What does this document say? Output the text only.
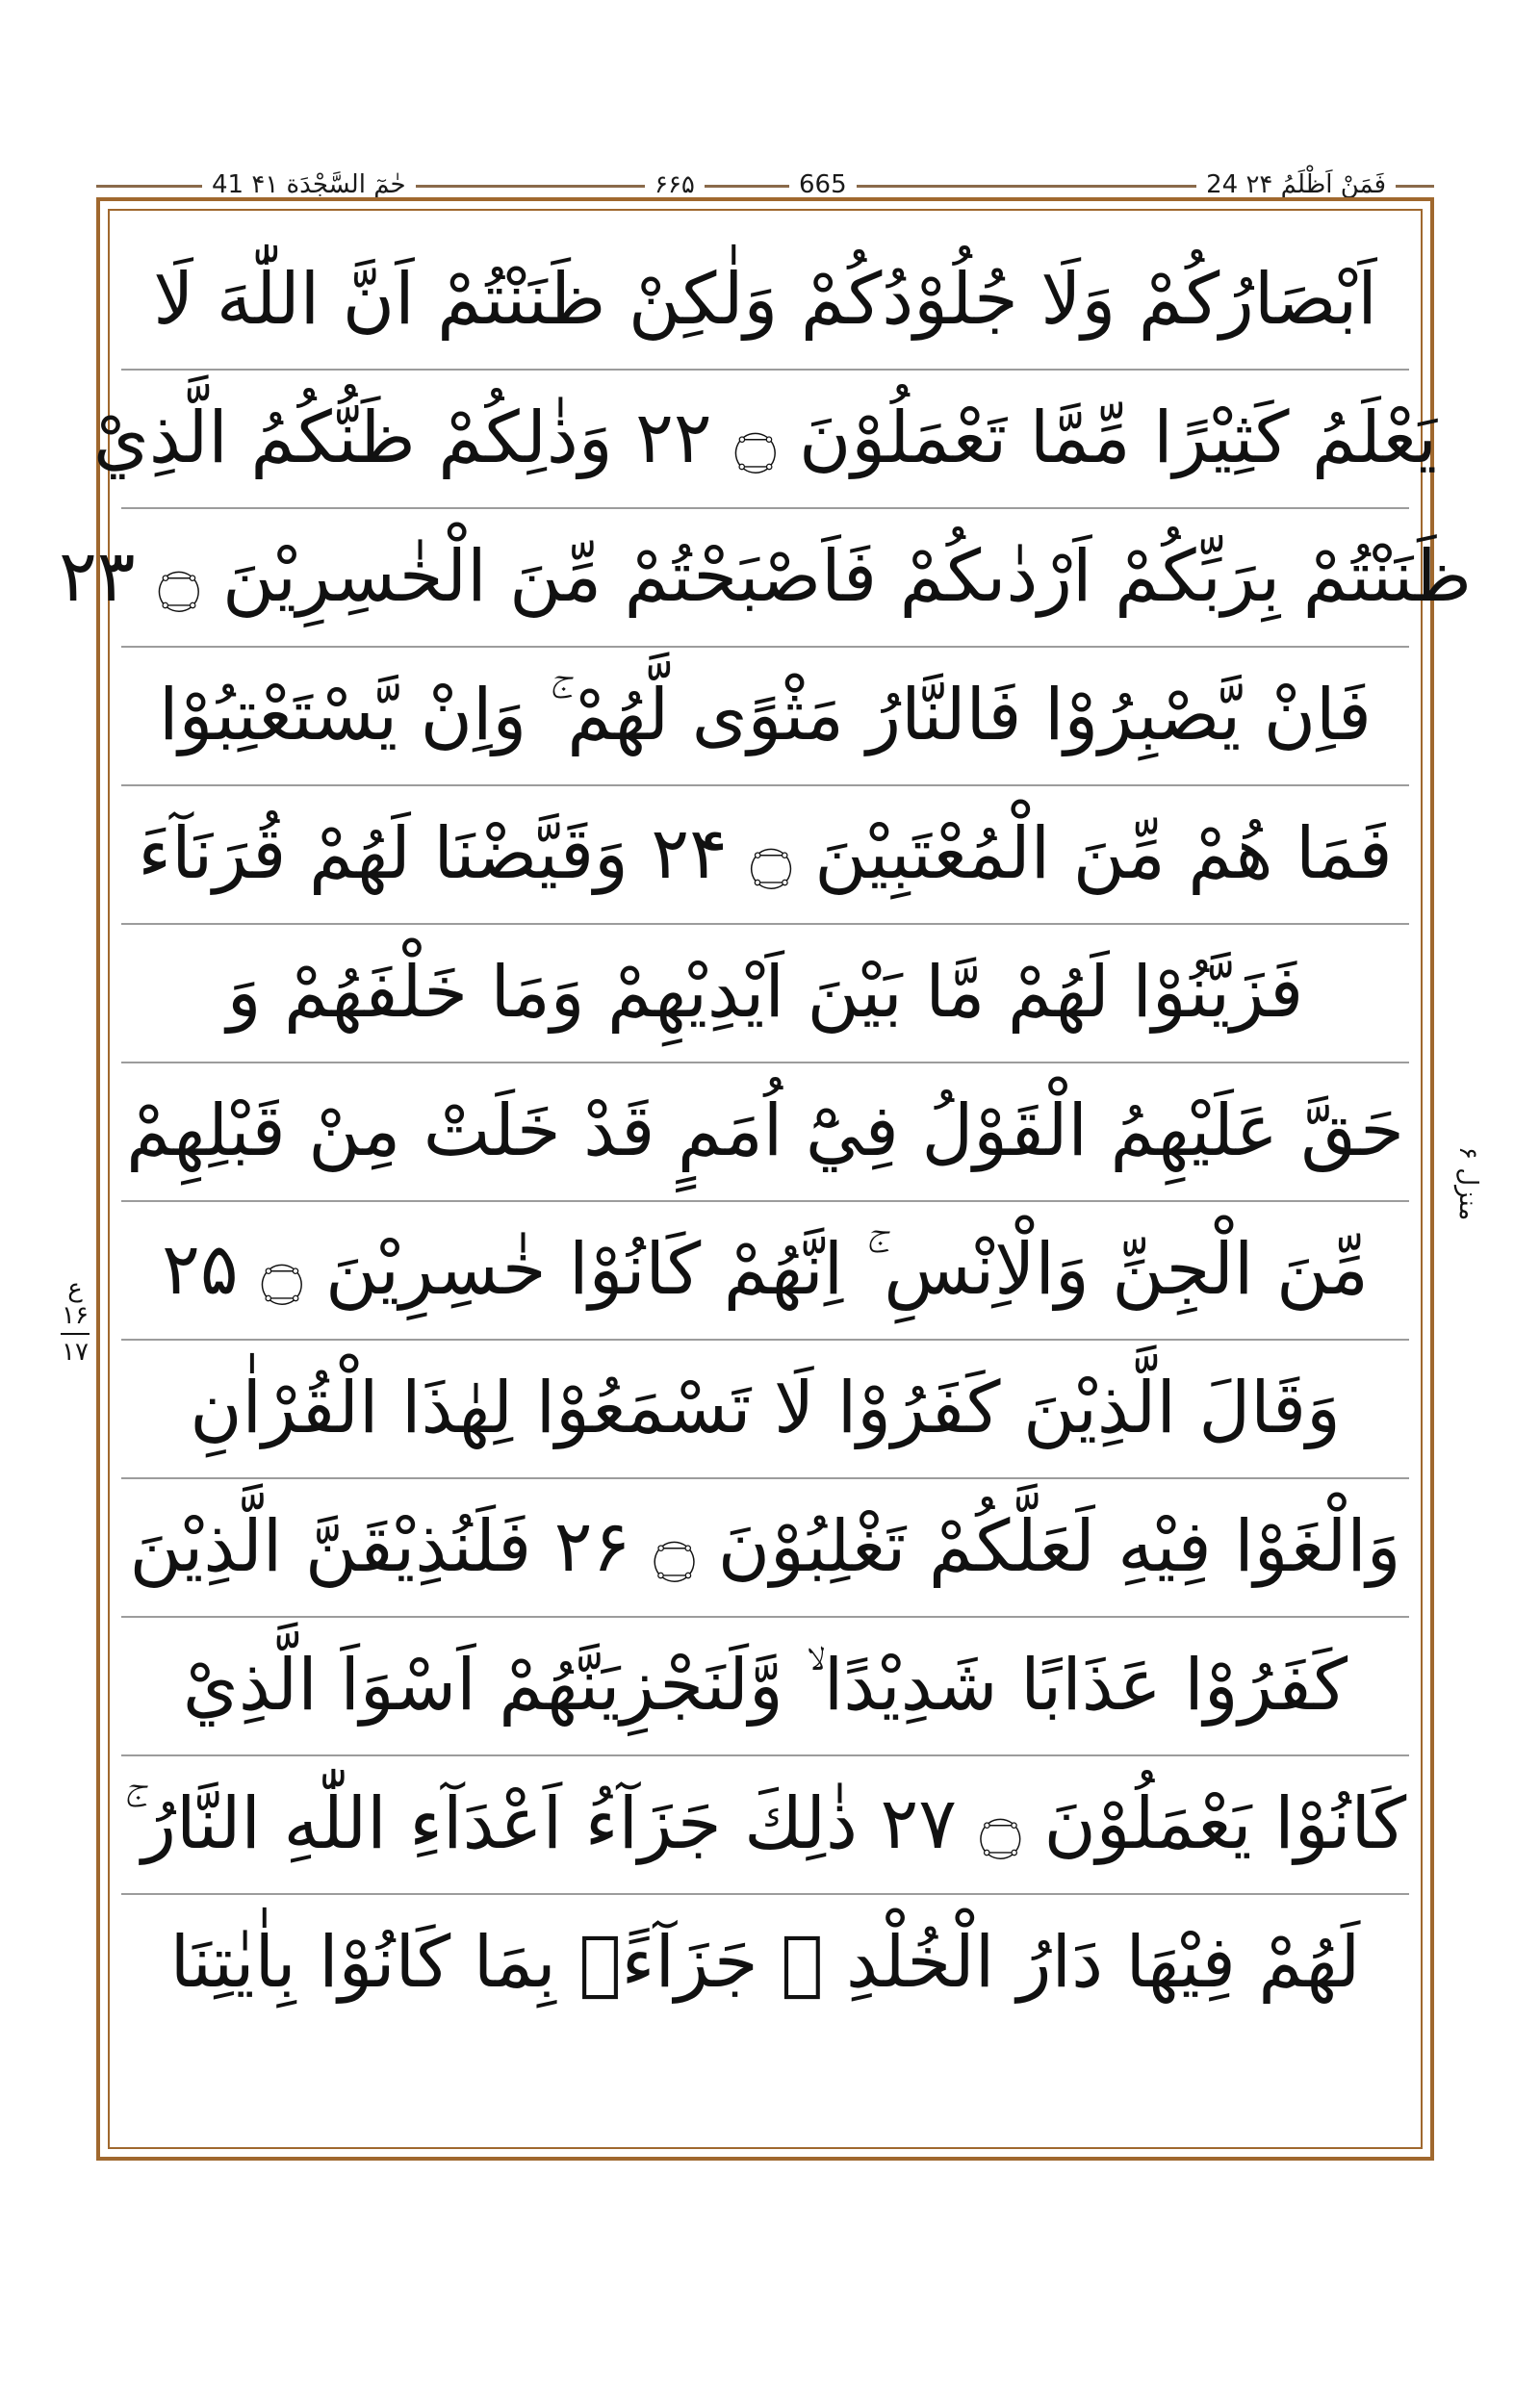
حٰمٓ السَّجْدَة ۴۱ 41	۶۶۵	665	24 فَمَنْ اَظْلَمُ ۲۴
اَبْصَارُكُمْ وَلَا جُلُوْدُكُمْ وَلٰكِنْ ظَنَنْتُمْ اَنَّ اللّٰهَ لَا
يَعْلَمُ كَثِيْرًا مِّمَّا تَعْمَلُوْنَ ۝ ۲۲ وَذٰلِكُمْ ظَنُّكُمُ الَّذِيْ
ظَنَنْتُمْ بِرَبِّكُمْ اَرْدٰىكُمْ فَاَصْبَحْتُمْ مِّنَ الْخٰسِرِيْنَ ۝ ۲۳
فَاِنْ يَّصْبِرُوْا فَالنَّارُ مَثْوًى لَّهُمْ ۚ وَاِنْ يَّسْتَعْتِبُوْا
فَمَا هُمْ مِّنَ الْمُعْتَبِيْنَ ۝ ۲۴ وَقَيَّضْنَا لَهُمْ قُرَنَآءَ
فَزَيَّنُوْا لَهُمْ مَّا بَيْنَ اَيْدِيْهِمْ وَمَا خَلْفَهُمْ وَ
حَقَّ عَلَيْهِمُ الْقَوْلُ فِيْٓ اُمَمٍ قَدْ خَلَتْ مِنْ قَبْلِهِمْ
مِّنَ الْجِنِّ وَالْاِنْسِ ۚ اِنَّهُمْ كَانُوْا خٰسِرِيْنَ ۝ ۲۵
وَقَالَ الَّذِيْنَ كَفَرُوْا لَا تَسْمَعُوْا لِهٰذَا الْقُرْاٰنِ
وَالْغَوْا فِيْهِ لَعَلَّكُمْ تَغْلِبُوْنَ ۝ ۲۶ فَلَنُذِيْقَنَّ الَّذِيْنَ
كَفَرُوْا عَذَابًا شَدِيْدًا ۙ وَّلَنَجْزِيَنَّهُمْ اَسْوَاَ الَّذِيْ
كَانُوْا يَعْمَلُوْنَ ۝ ۲۷ ذٰلِكَ جَزَآءُ اَعْدَآءِ اللّٰهِ النَّارُ ۚ
لَهُمْ فِيْهَا دَارُ الْخُلْدِ ۭ جَزَآءًۢ بِمَا كَانُوْا بِاٰيٰتِنَا
منزل ۶
ع
۱۶
۱۷
